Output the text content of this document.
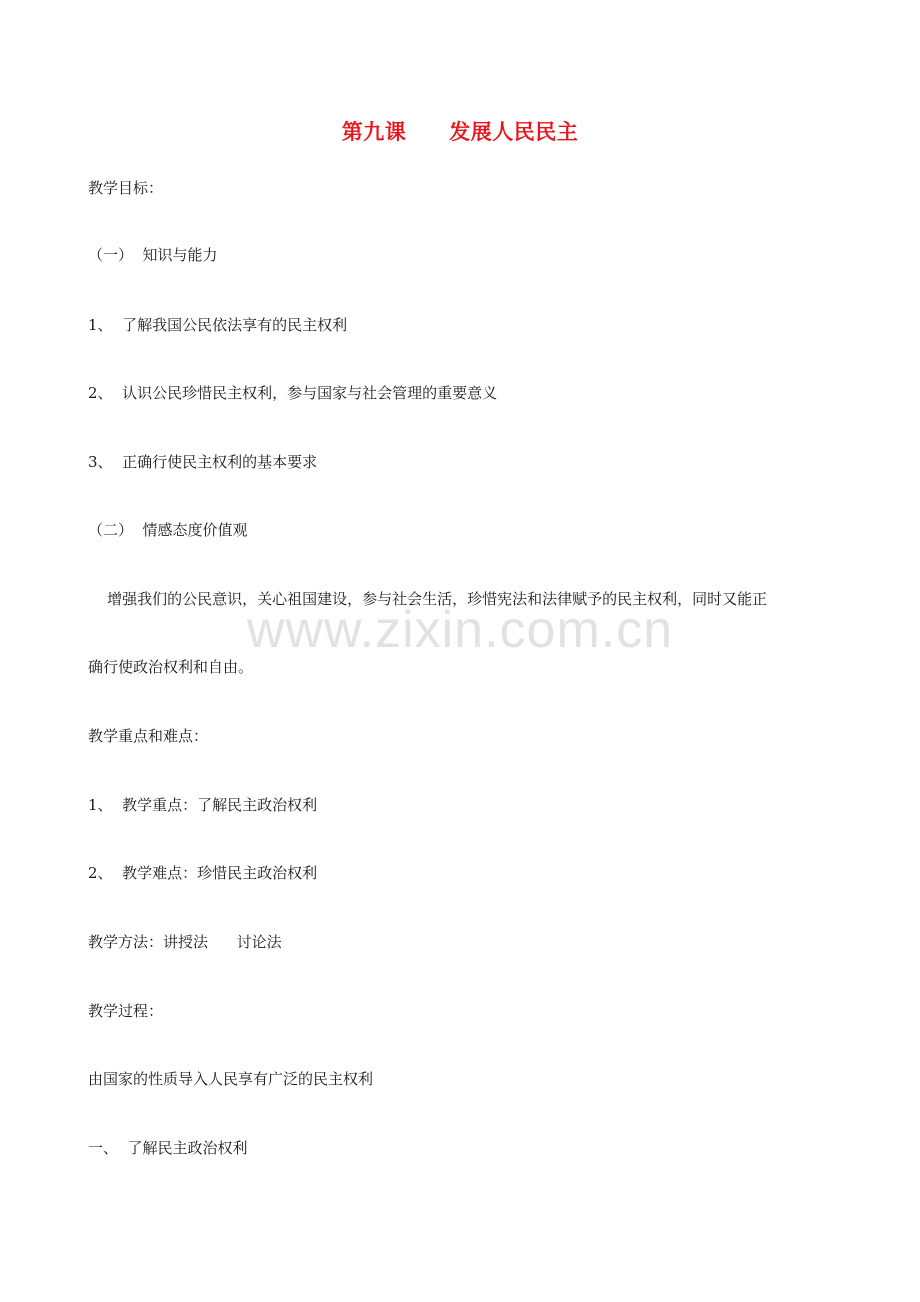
第九课　　发展人民民主
教学目标：
（一）  知识与能力
1、  了解我国公民依法享有的民主权利
2、  认识公民珍惜民主权利，参与国家与社会管理的重要意义
3、  正确行使民主权利的基本要求
（二）  情感态度价值观
增强我们的公民意识，关心祖国建设，参与社会生活，珍惜宪法和法律赋予的民主权利，同时又能正
确行使政治权利和自由。
教学重点和难点：
1、  教学重点：了解民主政治权利
2、  教学难点：珍惜民主政治权利
教学方法：讲授法      讨论法
教学过程：
由国家的性质导入人民享有广泛的民主权利
一、  了解民主政治权利
www.zixin.com.cn
